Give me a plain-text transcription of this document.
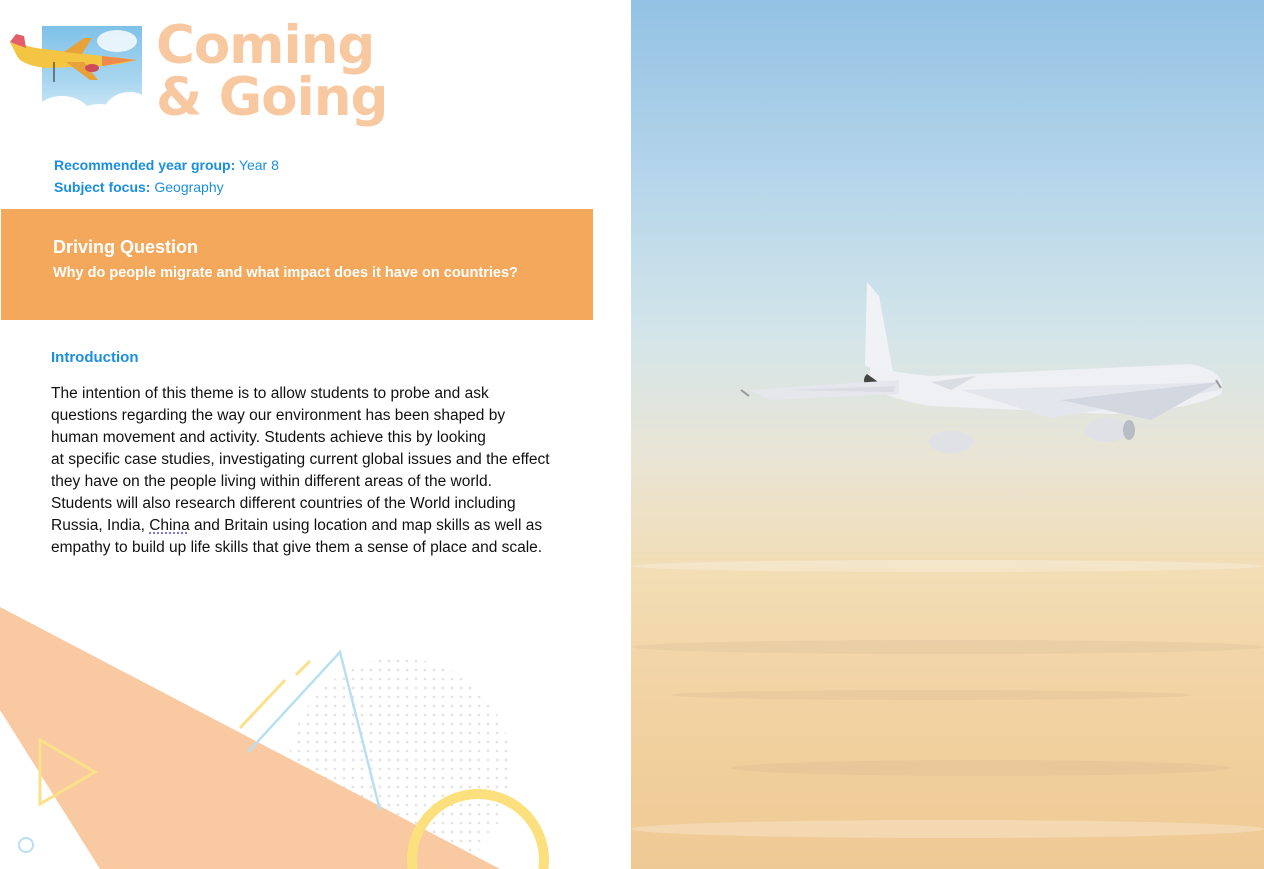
Coming
& Going
Recommended year group: Year 8
Subject focus: Geography
Driving Question
Why do people migrate and what impact does it have on countries?
Introduction
The intention of this theme is to allow students to probe and ask
questions regarding the way our environment has been shaped by
human movement and activity. Students achieve this by looking
at specific case studies, investigating current global issues and the effect
they have on the people living within different areas of the world.
Students will also research different countries of the World including
Russia, India, China and Britain using location and map skills as well as
empathy to build up life skills that give them a sense of place and scale.
